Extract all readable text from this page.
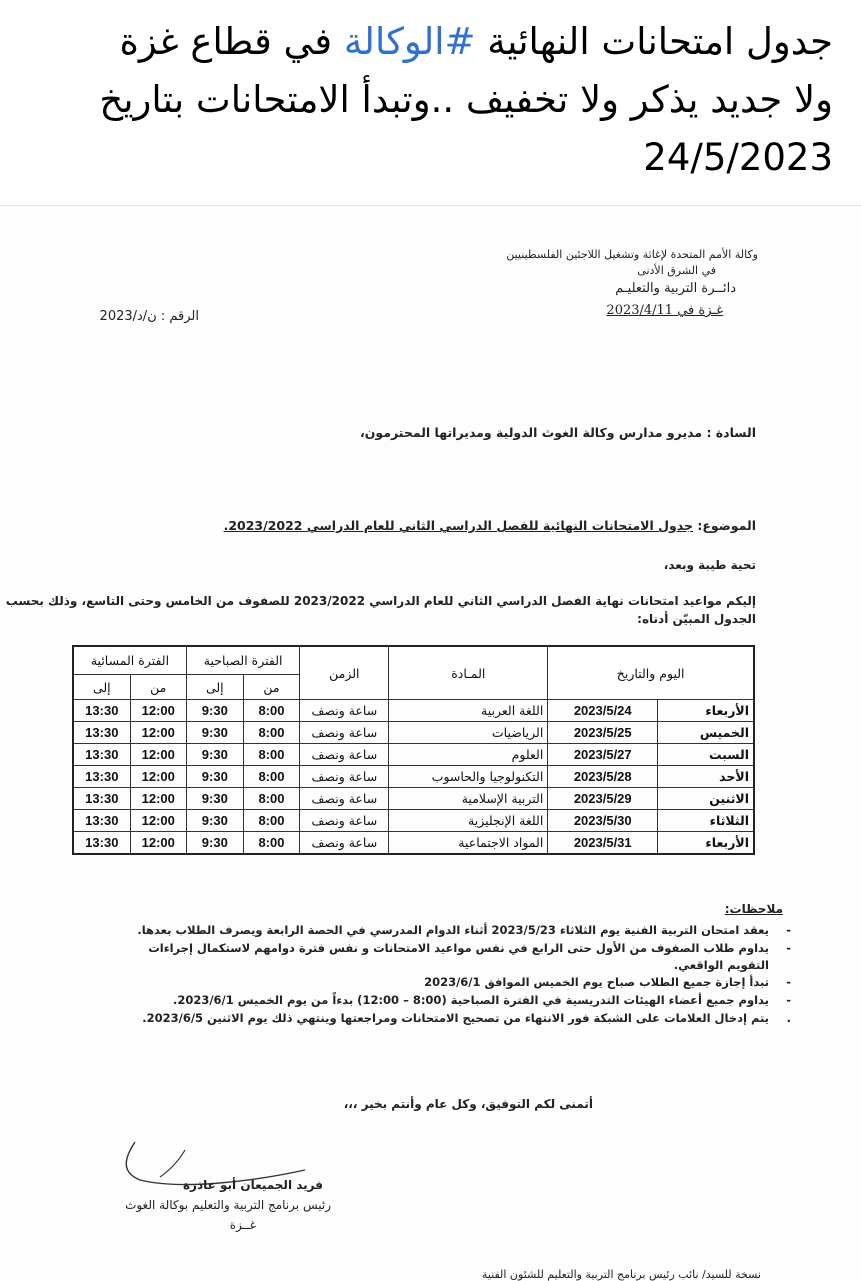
جدول امتحانات النهائية #الوكالة في قطاع غزة
ولا جديد يذكر ولا تخفيف ..وتبدأ الامتحانات بتاريخ
24/5/2023
وكالة الأمم المتحدة لإغاثة وتشغيل اللاجئين الفلسطينيين
في الشرق الأدنى
دائــرة التربية والتعليـم
غـزة في 2023/4/11
الرقم : ن/د/2023
السادة : مديرو مدارس وكالة الغوث الدولية ومديراتها المحترمون،
الموضوع: جدول الامتحانات النهائية للفصل الدراسي الثاني للعام الدراسي 2023/2022.
تحية طيبة وبعد،
إليكم مواعيد امتحانات نهاية الفصل الدراسي الثاني للعام الدراسي 2023/2022 للصفوف من الخامس وحتى التاسع، وذلك بحسب
الجدول المبيّن أدناه:
اليوم والتاريخ		المـادة	الزمن	الفترة الصباحية		الفترة المسائية	
				من	إلى	من	إلى
الأربعاء	2023/5/24	اللغة العربية	ساعة ونصف	8:00	9:30	12:00	13:30
الخميس	2023/5/25	الرياضيات	ساعة ونصف	8:00	9:30	12:00	13:30
السبت	2023/5/27	العلوم	ساعة ونصف	8:00	9:30	12:00	13:30
الأحد	2023/5/28	التكنولوجيا والحاسوب	ساعة ونصف	8:00	9:30	12:00	13:30
الاثنين	2023/5/29	التربية الإسلامية	ساعة ونصف	8:00	9:30	12:00	13:30
الثلاثاء	2023/5/30	اللغة الإنجليزية	ساعة ونصف	8:00	9:30	12:00	13:30
الأربعاء	2023/5/31	المواد الاجتماعية	ساعة ونصف	8:00	9:30	12:00	13:30
ملاحظات:
-
يعقد امتحان التربية الفنية يوم الثلاثاء 2023/5/23 أثناء الدوام المدرسي في الحصة الرابعة ويصرف الطلاب بعدها.
-
يداوم طلاب الصفوف من الأول حتى الرابع في نفس مواعيد الامتحانات و نفس فترة دوامهم لاستكمال إجراءات التقويم الواقعي.
-
تبدأ إجازة جميع الطلاب صباح يوم الخميس الموافق 2023/6/1
-
يداوم جميع أعضاء الهيئات التدريسية في الفترة الصباحية (8:00 – 12:00) بدءاً من يوم الخميس 2023/6/1.
.
يتم إدخال العلامات على الشبكة فور الانتهاء من تصحيح الامتحانات ومراجعتها وينتهي ذلك يوم الاثنين 2023/6/5.
أتمنى لكم التوفيق، وكل عام وأنتم بخير ،،،
فريد الجميعان أبو عاذرة
رئيس برنامج التربية والتعليم بوكالة الغوث
غــزة
نسخة للسيد/ نائب رئيس برنامج التربية والتعليم للشئون الفنية
